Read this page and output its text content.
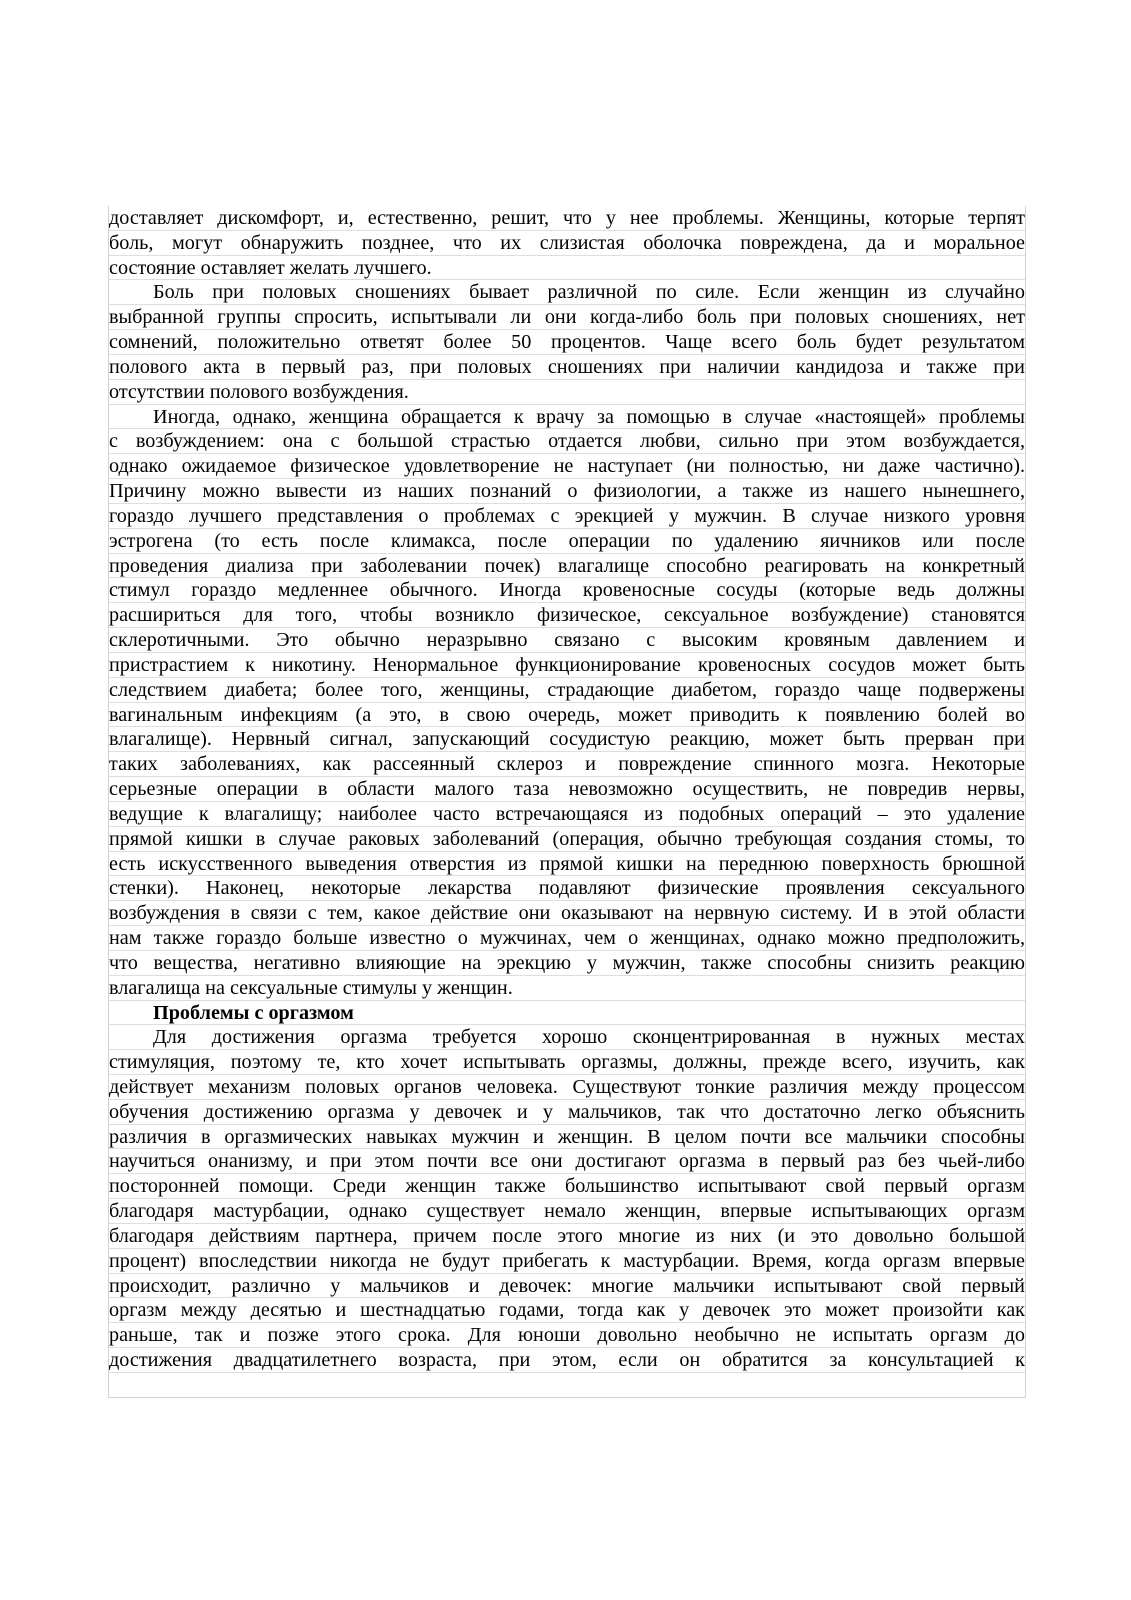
доставляет дискомфорт, и, естественно, решит, что у нее проблемы. Женщины, которые терпят
боль, могут обнаружить позднее, что их слизистая оболочка повреждена, да и моральное
состояние оставляет желать лучшего.
Боль при половых сношениях бывает различной по силе. Если женщин из случайно
выбранной группы спросить, испытывали ли они когда-либо боль при половых сношениях, нет
сомнений, положительно ответят более 50 процентов. Чаще всего боль будет результатом
полового акта в первый раз, при половых сношениях при наличии кандидоза и также при
отсутствии полового возбуждения.
Иногда, однако, женщина обращается к врачу за помощью в случае «настоящей» проблемы
с возбуждением: она с большой страстью отдается любви, сильно при этом возбуждается,
однако ожидаемое физическое удовлетворение не наступает (ни полностью, ни даже частично).
Причину можно вывести из наших познаний о физиологии, а также из нашего нынешнего,
гораздо лучшего представления о проблемах с эрекцией у мужчин. В случае низкого уровня
эстрогена (то есть после климакса, после операции по удалению яичников или после
проведения диализа при заболевании почек) влагалище способно реагировать на конкретный
стимул гораздо медленнее обычного. Иногда кровеносные сосуды (которые ведь должны
расшириться для того, чтобы возникло физическое, сексуальное возбуждение) становятся
склеротичными. Это обычно неразрывно связано с высоким кровяным давлением и
пристрастием к никотину. Ненормальное функционирование кровеносных сосудов может быть
следствием диабета; более того, женщины, страдающие диабетом, гораздо чаще подвержены
вагинальным инфекциям (а это, в свою очередь, может приводить к появлению болей во
влагалище). Нервный сигнал, запускающий сосудистую реакцию, может быть прерван при
таких заболеваниях, как рассеянный склероз и повреждение спинного мозга. Некоторые
серьезные операции в области малого таза невозможно осуществить, не повредив нервы,
ведущие к влагалищу; наиболее часто встречающаяся из подобных операций – это удаление
прямой кишки в случае раковых заболеваний (операция, обычно требующая создания стомы, то
есть искусственного выведения отверстия из прямой кишки на переднюю поверхность брюшной
стенки). Наконец, некоторые лекарства подавляют физические проявления сексуального
возбуждения в связи с тем, какое действие они оказывают на нервную систему. И в этой области
нам также гораздо больше известно о мужчинах, чем о женщинах, однако можно предположить,
что вещества, негативно влияющие на эрекцию у мужчин, также способны снизить реакцию
влагалища на сексуальные стимулы у женщин.
Проблемы с оргазмом
Для достижения оргазма требуется хорошо сконцентрированная в нужных местах
стимуляция, поэтому те, кто хочет испытывать оргазмы, должны, прежде всего, изучить, как
действует механизм половых органов человека. Существуют тонкие различия между процессом
обучения достижению оргазма у девочек и у мальчиков, так что достаточно легко объяснить
различия в оргазмических навыках мужчин и женщин. В целом почти все мальчики способны
научиться онанизму, и при этом почти все они достигают оргазма в первый раз без чьей-либо
посторонней помощи. Среди женщин также большинство испытывают свой первый оргазм
благодаря мастурбации, однако существует немало женщин, впервые испытывающих оргазм
благодаря действиям партнера, причем после этого многие из них (и это довольно большой
процент) впоследствии никогда не будут прибегать к мастурбации. Время, когда оргазм впервые
происходит, различно у мальчиков и девочек: многие мальчики испытывают свой первый
оргазм между десятью и шестнадцатью годами, тогда как у девочек это может произойти как
раньше, так и позже этого срока. Для юноши довольно необычно не испытать оргазм до
достижения двадцатилетнего возраста, при этом, если он обратится за консультацией к
